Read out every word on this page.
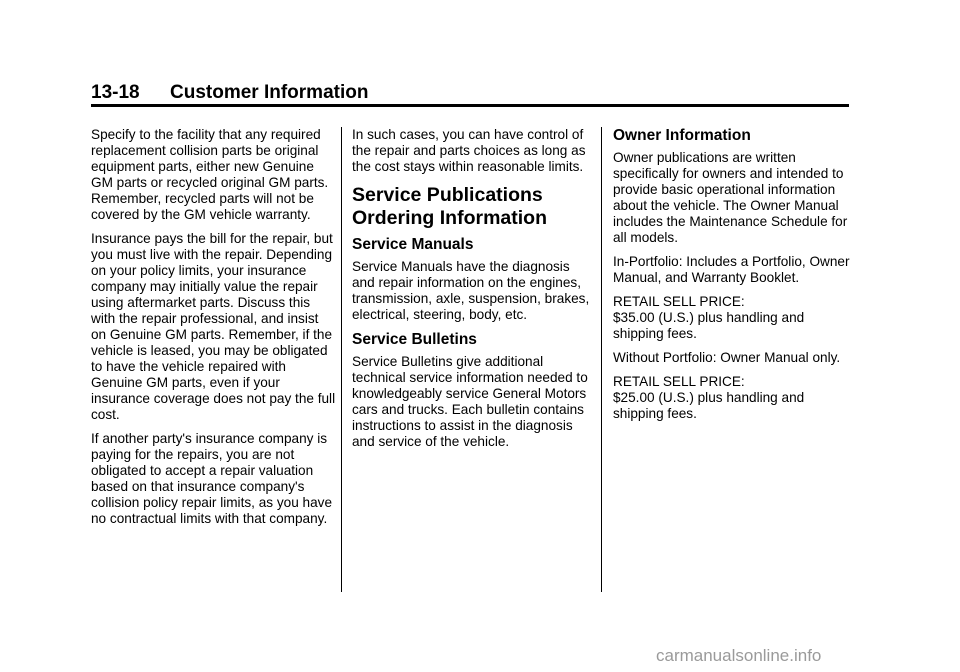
13-18 Customer Information

Specify to the facility that any required replacement collision parts be original equipment parts, either new Genuine GM parts or recycled original GM parts. Remember, recycled parts will not be covered by the GM vehicle warranty.

Insurance pays the bill for the repair, but you must live with the repair. Depending on your policy limits, your insurance company may initially value the repair using aftermarket parts. Discuss this with the repair professional, and insist on Genuine GM parts. Remember, if the vehicle is leased, you may be obligated to have the vehicle repaired with Genuine GM parts, even if your insurance coverage does not pay the full cost.

If another party's insurance company is paying for the repairs, you are not obligated to accept a repair valuation based on that insurance company's collision policy repair limits, as you have no contractual limits with that company.

In such cases, you can have control of the repair and parts choices as long as the cost stays within reasonable limits.

Service Publications
Ordering Information
Service Manuals

Service Manuals have the diagnosis and repair information on the engines, transmission, axle, suspension, brakes, electrical, steering, body, etc.

Service Bulletins

Service Bulletins give additional technical service information needed to knowledgeably service General Motors cars and trucks. Each bulletin contains instructions to assist in the diagnosis and service of the vehicle.

Owner Information

Owner publications are written specifically for owners and intended to provide basic operational information about the vehicle. The Owner Manual includes the Maintenance Schedule for all models.

In-Portfolio: Includes a Portfolio, Owner Manual, and Warranty Booklet.

RETAIL SELL PRICE:
$35.00 (U.S.) plus handling and shipping fees.

Without Portfolio: Owner Manual only.

RETAIL SELL PRICE:
$25.00 (U.S.) plus handling and shipping fees.

carmanualsonline.info
